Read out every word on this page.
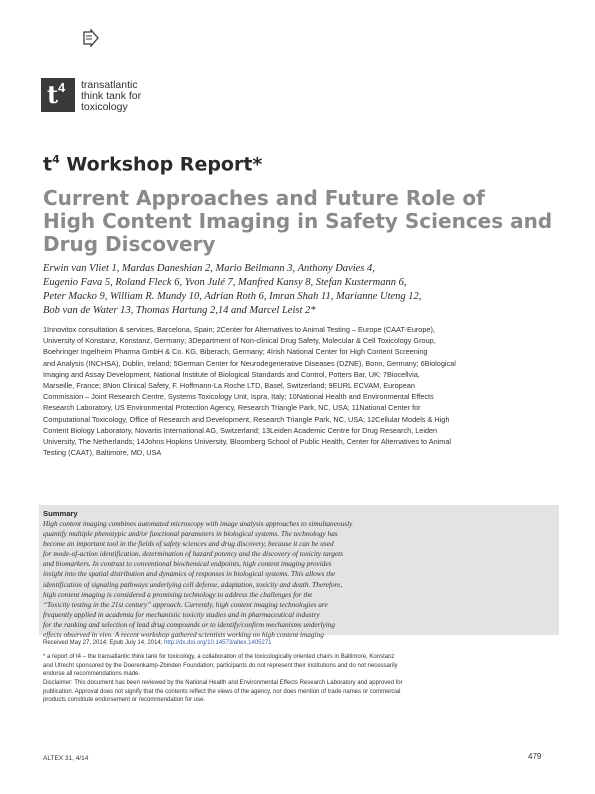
t 4 transatlantic
think tank for
toxicology
$t^4$ Workshop Report*
Current Approaches and Future Role of
High Content Imaging in Safety Sciences and
Drug Discovery
Erwin van Vliet 1, Mardas Daneshian 2, Mario Beilmann 3, Anthony Davies 4,
Eugenio Fava 5, Roland Fleck 6, Yvon Julé 7, Manfred Kansy 8, Stefan Kustermann 6,
Peter Macko 9, William R. Mundy 10, Adrian Roth 6, Imran Shah 11, Marianne Uteng 12,
Bob van de Water 13, Thomas Hartung 2,14 and Marcel Leist 2*
1Innovitox consultation & services, Barcelona, Spain; 2Center for Alternatives to Animal Testing – Europe (CAAT-Europe),
University of Konstanz, Konstanz, Germany; 3Department of Non-clinical Drug Safety, Molecular & Cell Toxicology Group,
Boehringer Ingelheim Pharma GmbH & Co. KG, Biberach, Germany; 4Irish National Center for High Content Screening
and Analysis (INCHSA), Dublin, Ireland; 5German Center for Neurodegenerative Diseases (DZNE), Bonn, Germany; 6Biological
Imaging and Assay Development, National Institute of Biological Standards and Control, Potters Bar, UK; 7Biocellvia,
Marseille, France; 8Non Clinical Safety, F. Hoffmann-La Roche LTD, Basel, Switzerland; 9EURL ECVAM, European
Commission – Joint Research Centre, Systems Toxicology Unit, Ispra, Italy; 10National Health and Environmental Effects
Research Laboratory, US Environmental Protection Agency, Research Triangle Park, NC, USA; 11National Center for
Computational Toxicology, Office of Research and Development, Research Triangle Park, NC, USA; 12Cellular Models & High
Content Biology Laboratory, Novartis International AG, Switzerland; 13Leiden Academic Centre for Drug Research, Leiden
University, The Netherlands; 14Johns Hopkins University, Bloomberg School of Public Health, Center for Alternatives to Animal
Testing (CAAT), Baltimore, MD, USA
Summary
High content imaging combines automated microscopy with image analysis approaches to simultaneously
quantify multiple phenotypic and/or functional parameters in biological systems. The technology has
become an important tool in the fields of safety sciences and drug discovery, because it can be used
for mode-of-action identification, determination of hazard potency and the discovery of toxicity targets
and biomarkers. In contrast to conventional biochemical endpoints, high content imaging provides
insight into the spatial distribution and dynamics of responses in biological systems. This allows the
identification of signaling pathways underlying cell defense, adaptation, toxicity and death. Therefore,
high content imaging is considered a promising technology to address the challenges for the
“Toxicity testing in the 21st century” approach. Currently, high content imaging technologies are
frequently applied in academia for mechanistic toxicity studies and in pharmaceutical industry
for the ranking and selection of lead drug compounds or to identify/confirm mechanisms underlying
effects observed in vivo. A recent workshop gathered scientists working on high content imaging
Received May 27, 2014; Epub July 14, 2014; http://dx.doi.org/10.14573/altex.1405271
* a report of t4 – the transatlantic think tank for toxicology, a collaboration of the toxicologically oriented chairs in Baltimore, Konstanz
and Utrecht sponsored by the Doerenkamp-Zbinden Foundation; participants do not represent their institutions and do not necessarily
endorse all recommendations made.
Disclaimer: This document has been reviewed by the National Health and Environmental Effects Research Laboratory and approved for
publication. Approval does not signify that the contents reflect the views of the agency, nor does mention of trade names or commercial
products constitute endorsement or recommendation for use.
ALTEX 31, 4/14	479
